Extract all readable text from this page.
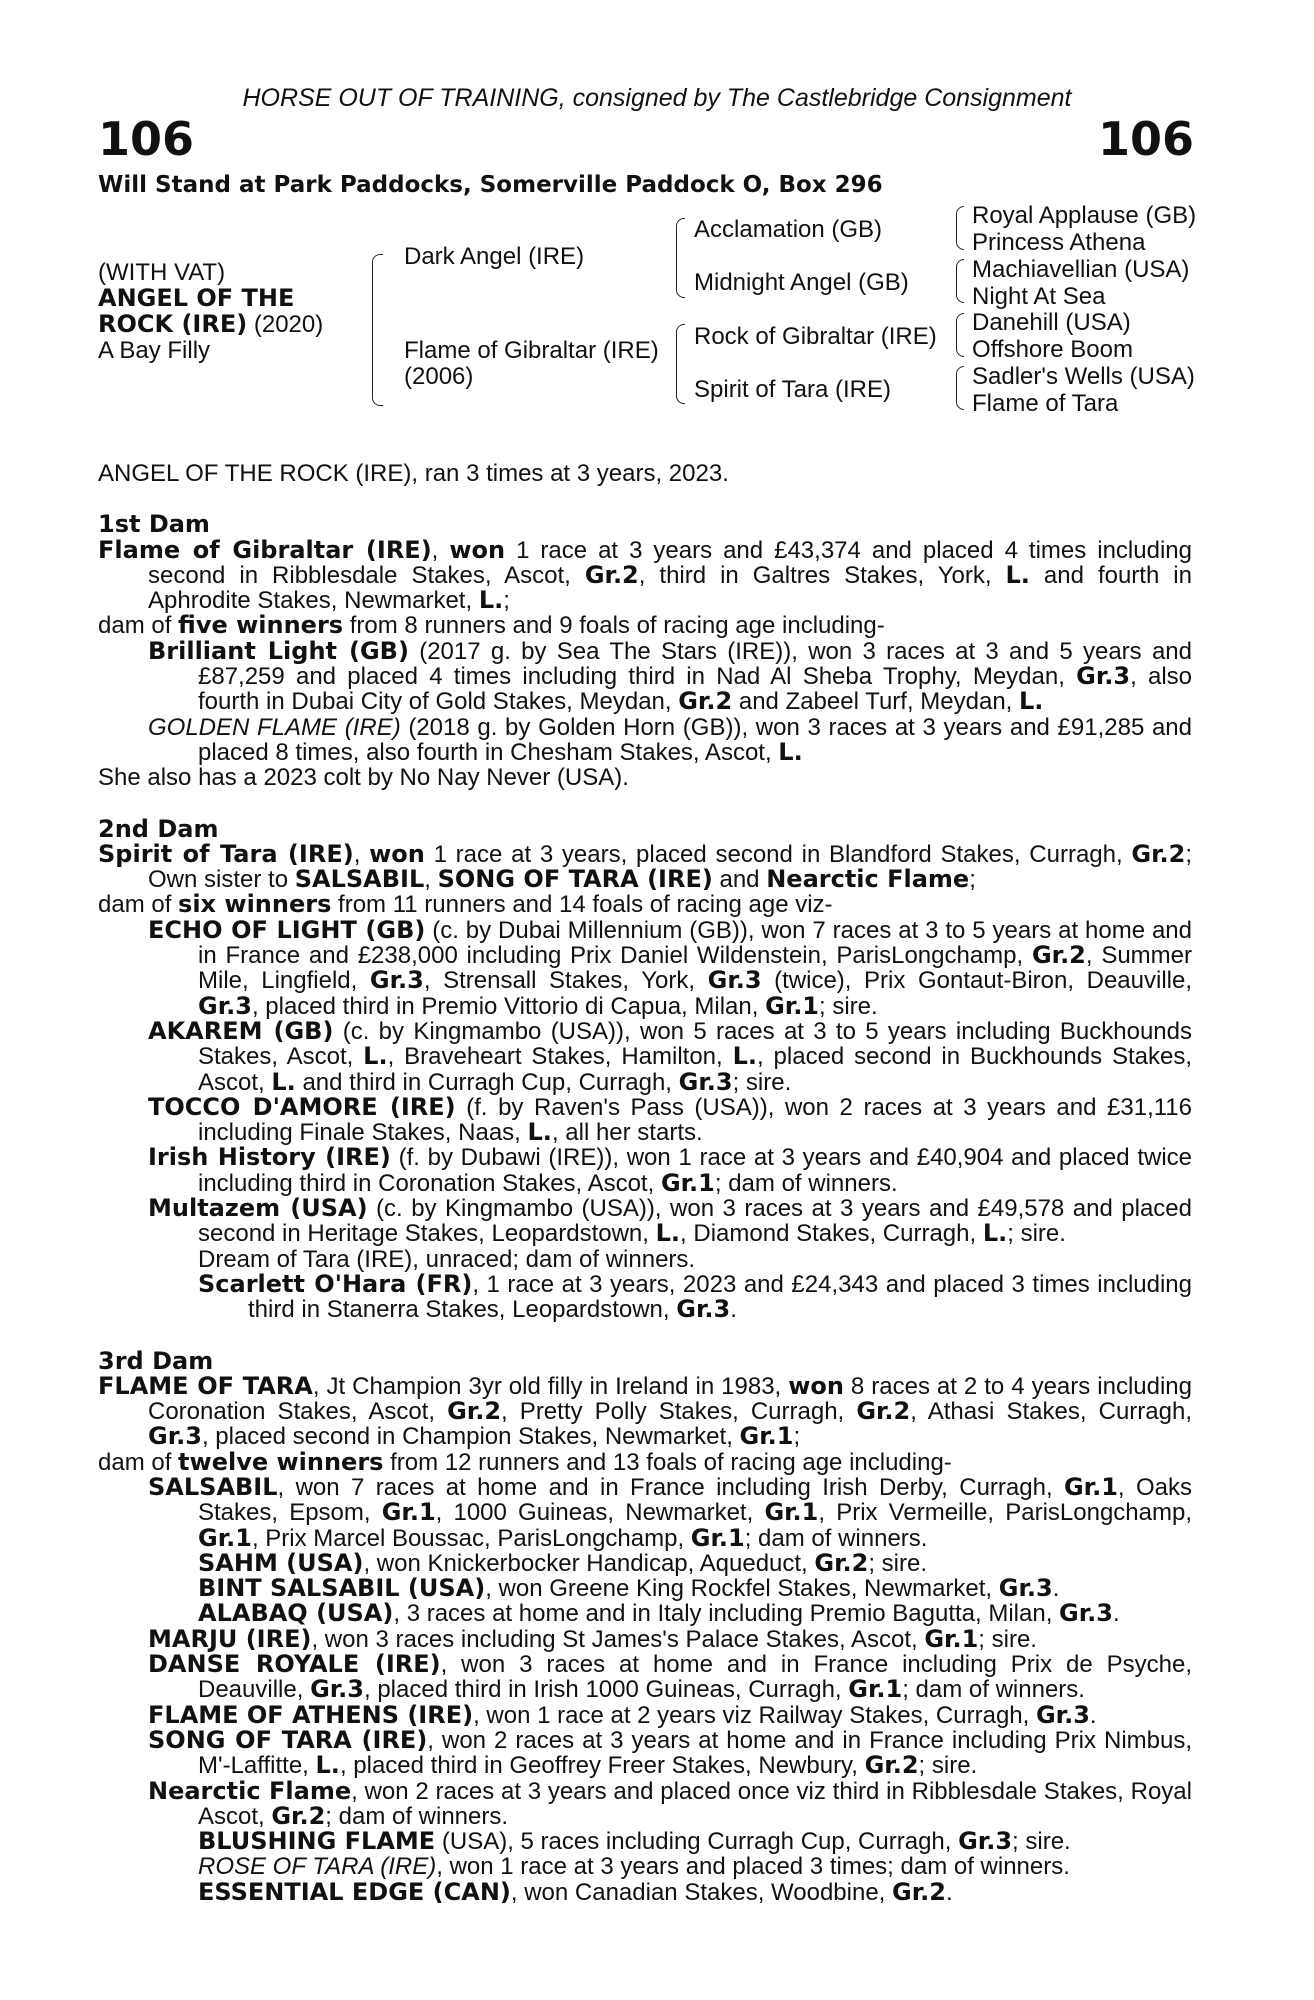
HORSE OUT OF TRAINING, consigned by The Castlebridge Consignment
106	106
Will Stand at Park Paddocks, Somerville Paddock O, Box 296
(WITH VAT)
ANGEL OF THE
ROCK (IRE) (2020)
A Bay Filly
Dark Angel (IRE)
Flame of Gibraltar (IRE)
(2006)
Acclamation (GB)
Midnight Angel (GB)
Rock of Gibraltar (IRE)
Spirit of Tara (IRE)
Royal Applause (GB)
Princess Athena
Machiavellian (USA)
Night At Sea
Danehill (USA)
Offshore Boom
Sadler's Wells (USA)
Flame of Tara

ANGEL OF THE ROCK (IRE), ran 3 times at 3 years, 2023.

1st Dam

Flame of Gibraltar (IRE), won 1 race at 3 years and £43,374 and placed 4 times including second in Ribblesdale Stakes, Ascot, Gr.2, third in Galtres Stakes, York, L. and fourth in Aphrodite Stakes, Newmarket, L.;

dam of five winners from 8 runners and 9 foals of racing age including-

Brilliant Light (GB) (2017 g. by Sea The Stars (IRE)), won 3 races at 3 and 5 years and £87,259 and placed 4 times including third in Nad Al Sheba Trophy, Meydan, Gr.3, also fourth in Dubai City of Gold Stakes, Meydan, Gr.2 and Zabeel Turf, Meydan, L.

GOLDEN FLAME (IRE) (2018 g. by Golden Horn (GB)), won 3 races at 3 years and £91,285 and placed 8 times, also fourth in Chesham Stakes, Ascot, L.

She also has a 2023 colt by No Nay Never (USA).

2nd Dam

Spirit of Tara (IRE), won 1 race at 3 years, placed second in Blandford Stakes, Curragh, Gr.2; Own sister to SALSABIL, SONG OF TARA (IRE) and Nearctic Flame;

dam of six winners from 11 runners and 14 foals of racing age viz-

ECHO OF LIGHT (GB) (c. by Dubai Millennium (GB)), won 7 races at 3 to 5 years at home and in France and £238,000 including Prix Daniel Wildenstein, ParisLongchamp, Gr.2, Summer Mile, Lingfield, Gr.3, Strensall Stakes, York, Gr.3 (twice), Prix Gontaut-Biron, Deauville, Gr.3, placed third in Premio Vittorio di Capua, Milan, Gr.1; sire.

AKAREM (GB) (c. by Kingmambo (USA)), won 5 races at 3 to 5 years including Buckhounds Stakes, Ascot, L., Braveheart Stakes, Hamilton, L., placed second in Buckhounds Stakes, Ascot, L. and third in Curragh Cup, Curragh, Gr.3; sire.

TOCCO D'AMORE (IRE) (f. by Raven's Pass (USA)), won 2 races at 3 years and £31,116 including Finale Stakes, Naas, L., all her starts.

Irish History (IRE) (f. by Dubawi (IRE)), won 1 race at 3 years and £40,904 and placed twice including third in Coronation Stakes, Ascot, Gr.1; dam of winners.

Multazem (USA) (c. by Kingmambo (USA)), won 3 races at 3 years and £49,578 and placed second in Heritage Stakes, Leopardstown, L., Diamond Stakes, Curragh, L.; sire.

Dream of Tara (IRE), unraced; dam of winners.

Scarlett O'Hara (FR), 1 race at 3 years, 2023 and £24,343 and placed 3 times including third in Stanerra Stakes, Leopardstown, Gr.3.

3rd Dam

FLAME OF TARA, Jt Champion 3yr old filly in Ireland in 1983, won 8 races at 2 to 4 years including Coronation Stakes, Ascot, Gr.2, Pretty Polly Stakes, Curragh, Gr.2, Athasi Stakes, Curragh, Gr.3, placed second in Champion Stakes, Newmarket, Gr.1;

dam of twelve winners from 12 runners and 13 foals of racing age including-

SALSABIL, won 7 races at home and in France including Irish Derby, Curragh, Gr.1, Oaks Stakes, Epsom, Gr.1, 1000 Guineas, Newmarket, Gr.1, Prix Vermeille, ParisLongchamp, Gr.1, Prix Marcel Boussac, ParisLongchamp, Gr.1; dam of winners.

SAHM (USA), won Knickerbocker Handicap, Aqueduct, Gr.2; sire.

BINT SALSABIL (USA), won Greene King Rockfel Stakes, Newmarket, Gr.3.

ALABAQ (USA), 3 races at home and in Italy including Premio Bagutta, Milan, Gr.3.

MARJU (IRE), won 3 races including St James's Palace Stakes, Ascot, Gr.1; sire.

DANSE ROYALE (IRE), won 3 races at home and in France including Prix de Psyche, Deauville, Gr.3, placed third in Irish 1000 Guineas, Curragh, Gr.1; dam of winners.

FLAME OF ATHENS (IRE), won 1 race at 2 years viz Railway Stakes, Curragh, Gr.3.

SONG OF TARA (IRE), won 2 races at 3 years at home and in France including Prix Nimbus, M'-Laffitte, L., placed third in Geoffrey Freer Stakes, Newbury, Gr.2; sire.

Nearctic Flame, won 2 races at 3 years and placed once viz third in Ribblesdale Stakes, Royal Ascot, Gr.2; dam of winners.

BLUSHING FLAME (USA), 5 races including Curragh Cup, Curragh, Gr.3; sire.

ROSE OF TARA (IRE), won 1 race at 3 years and placed 3 times; dam of winners.

ESSENTIAL EDGE (CAN), won Canadian Stakes, Woodbine, Gr.2.
